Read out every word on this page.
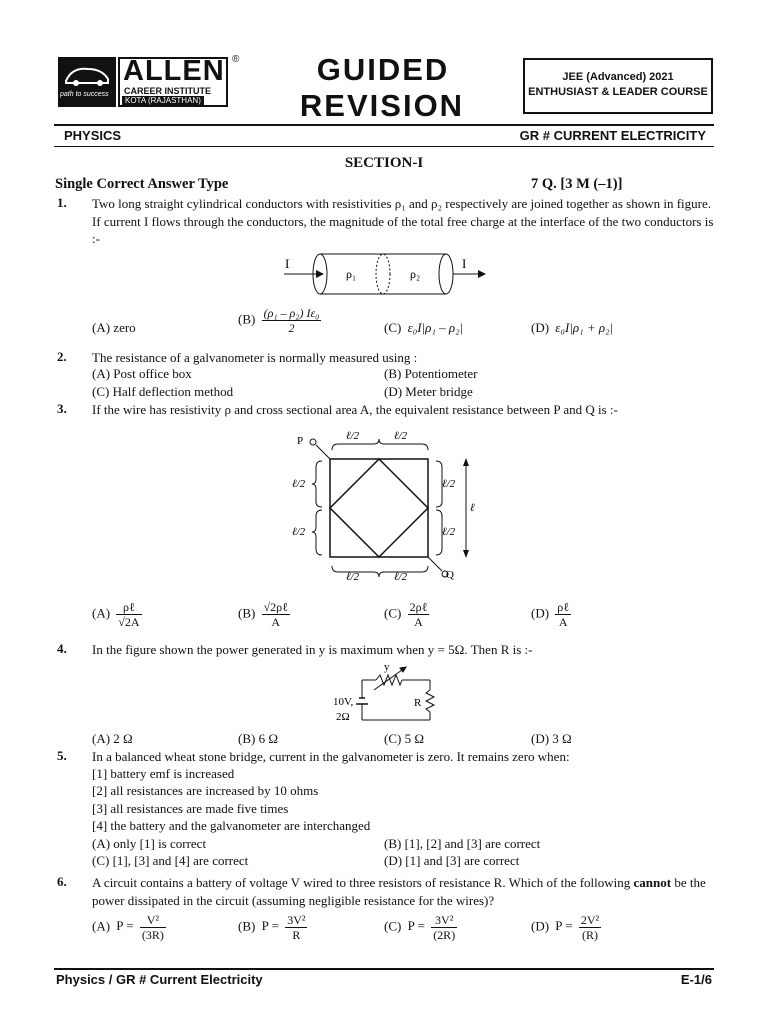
path to success
ALLEN
CAREER INSTITUTE
KOTA (RAJASTHAN)
®	GUIDED
REVISION
JEE (Advanced) 2021
ENTHUSIAST & LEADER COURSE
PHYSICS	GR # CURRENT ELECTRICITY
SECTION-I
Single Correct Answer Type	7 Q. [3 M (–1)]
1. Two long straight cylindrical conductors with resistivities ρ₁ and ρ₂ respectively are joined together as shown in figure. If current I flows through the conductors, the magnitude of the total free charge at the interface of the two conductors is :-
I	I
ρ₁	ρ₂
(A) zero
$(B) \frac{\text{(ρ₁ – ρ₂) Iε₀}}{2}$	(C) ε₀I|ρ₁ – ρ₂|	(D) ε₀I|ρ₁ + ρ₂|
2. The resistance of a galvanometer is normally measured using :
(A) Post office box	(B) Potentiometer
(C) Half deflection method	(D) Meter bridge
3. If the wire has resistivity ρ and cross sectional area A, the equivalent resistance between P and Q is :-
P
Q
ℓ/2	ℓ/2
ℓ/2	ℓ/2
ℓ/2
ℓ/2
ℓ/2
ℓ/2
ℓ
$(A) \frac{\text{ρℓ}}{√2A}$	$(B) \frac{\text{√2ρℓ}}{A}$	$(C) \frac{\text{2ρℓ}}{A}$	$(D) \frac{\text{ρℓ}}{A}$
4. In the figure shown the power generated in y is maximum when y = 5Ω. Then R is :-
y
10V,
2Ω
R
(A) 2 Ω	(B) 6 Ω	(C) 5 Ω	(D) 3 Ω
5. In a balanced wheat stone bridge, current in the galvanometer is zero. It remains zero when:
[1] battery emf is increased
[2] all resistances are increased by 10 ohms
[3] all resistances are made five times
[4] the battery and the galvanometer are interchanged
(A) only [1] is correct	(B) [1], [2] and [3] are correct
(C) [1], [3] and [4] are correct	(D) [1] and [3] are correct
6. A circuit contains a battery of voltage V wired to three resistors of resistance R. Which of the following cannot be the power dissipated in the circuit (assuming negligible resistance for the wires)?
(A) $P = \frac{\text{V²}}{(3R)}$	(B) $P = \frac{\text{3V²}}{R}$	(C) $P = \frac{\text{3V²}}{(2R)}$	(D) $P = \frac{\text{2V²}}{(R)}$
Physics / GR # Current Electricity	E-1/6
